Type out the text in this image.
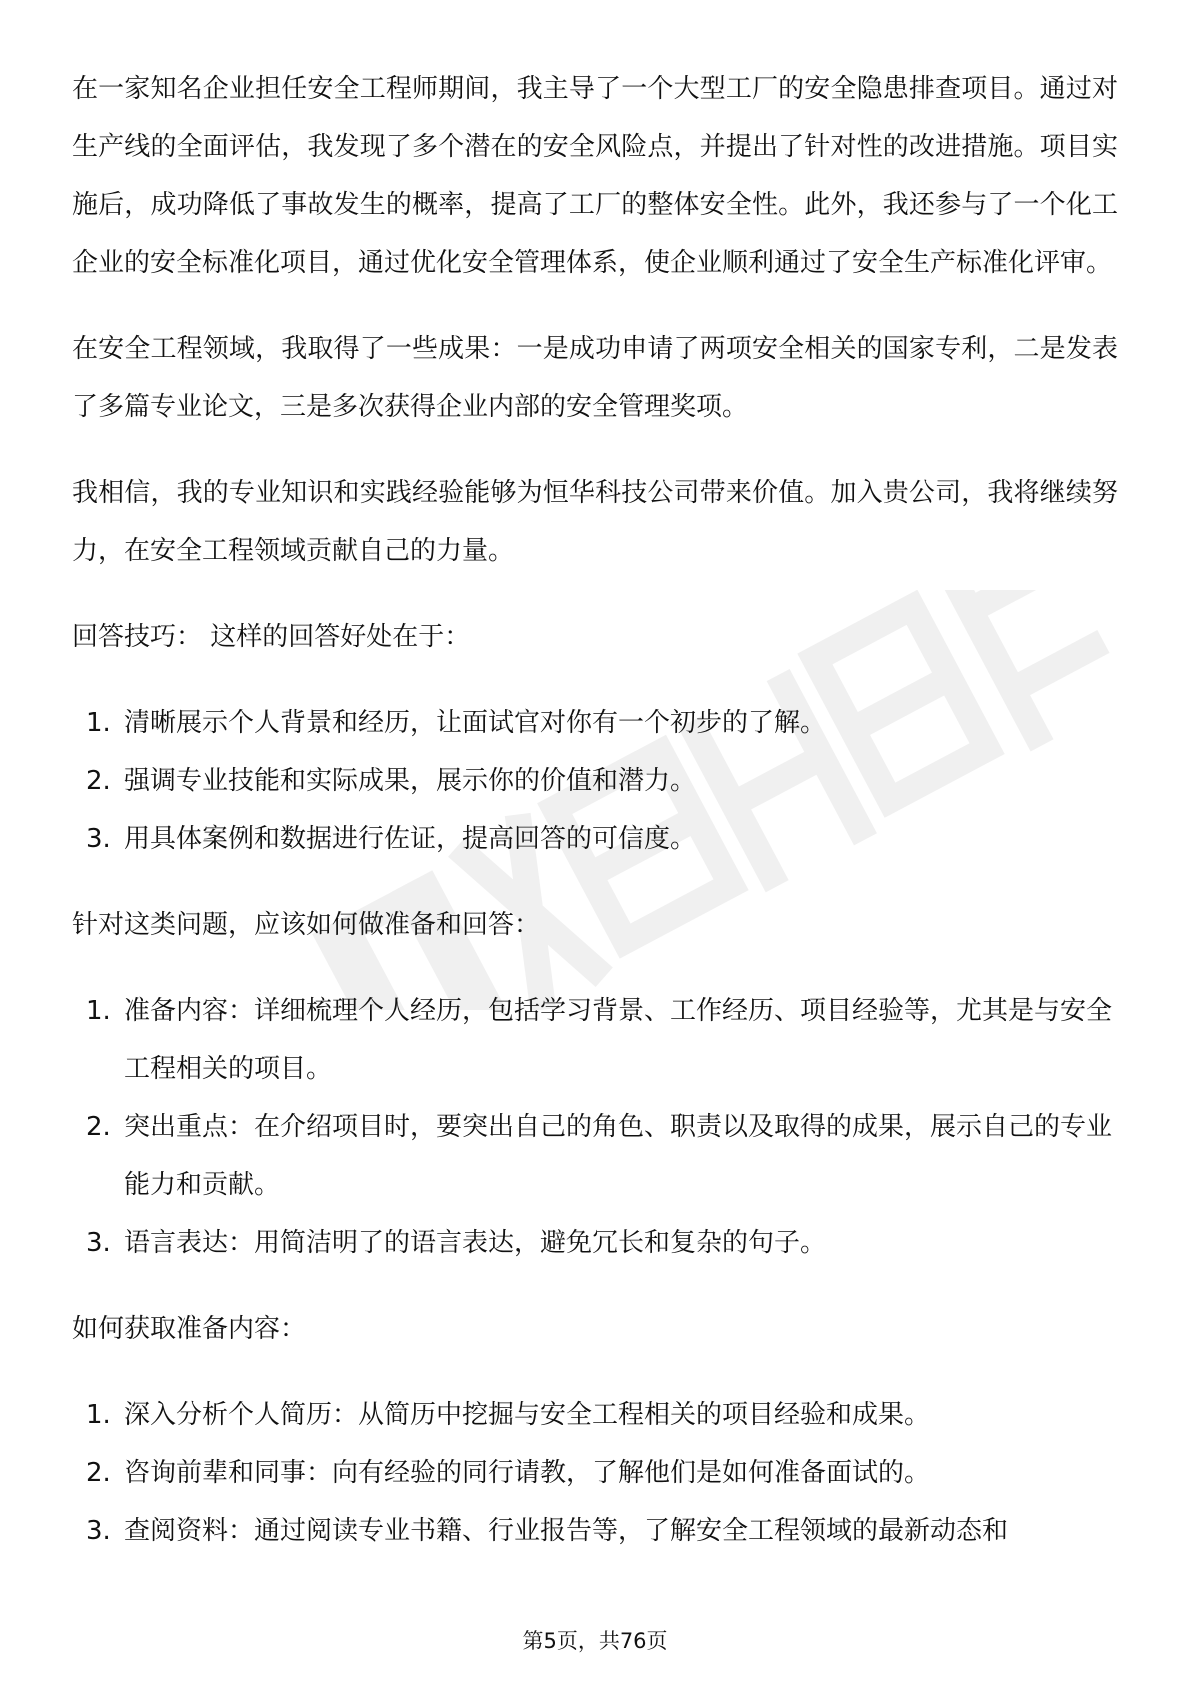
在一家知名企业担任安全工程师期间，我主导了一个大型工厂的安全隐患排查项目。通过对生产线的全面评估，我发现了多个潜在的安全风险点，并提出了针对性的改进措施。项目实施后，成功降低了事故发生的概率，提高了工厂的整体安全性。此外，我还参与了一个化工企业的安全标准化项目，通过优化安全管理体系，使企业顺利通过了安全生产标准化评审。

在安全工程领域，我取得了一些成果：一是成功申请了两项安全相关的国家专利，二是发表了多篇专业论文，三是多次获得企业内部的安全管理奖项。

我相信，我的专业知识和实践经验能够为恒华科技公司带来价值。加入贵公司，我将继续努力，在安全工程领域贡献自己的力量。

回答技巧： 这样的回答好处在于：

1. 清晰展示个人背景和经历，让面试官对你有一个初步的了解。
2. 强调专业技能和实际成果，展示你的价值和潜力。
3. 用具体案例和数据进行佐证，提高回答的可信度。

针对这类问题，应该如何做准备和回答：

1. 准备内容：详细梳理个人经历，包括学习背景、工作经历、项目经验等，尤其是与安全工程相关的项目。
2. 突出重点：在介绍项目时，要突出自己的角色、职责以及取得的成果，展示自己的专业能力和贡献。
3. 语言表达：用简洁明了的语言表达，避免冗长和复杂的句子。

如何获取准备内容：

1. 深入分析个人简历：从简历中挖掘与安全工程相关的项目经验和成果。
2. 咨询前辈和同事：向有经验的同行请教，了解他们是如何准备面试的。
3. 查阅资料：通过阅读专业书籍、行业报告等，了解安全工程领域的最新动态和
第5页，共76页
